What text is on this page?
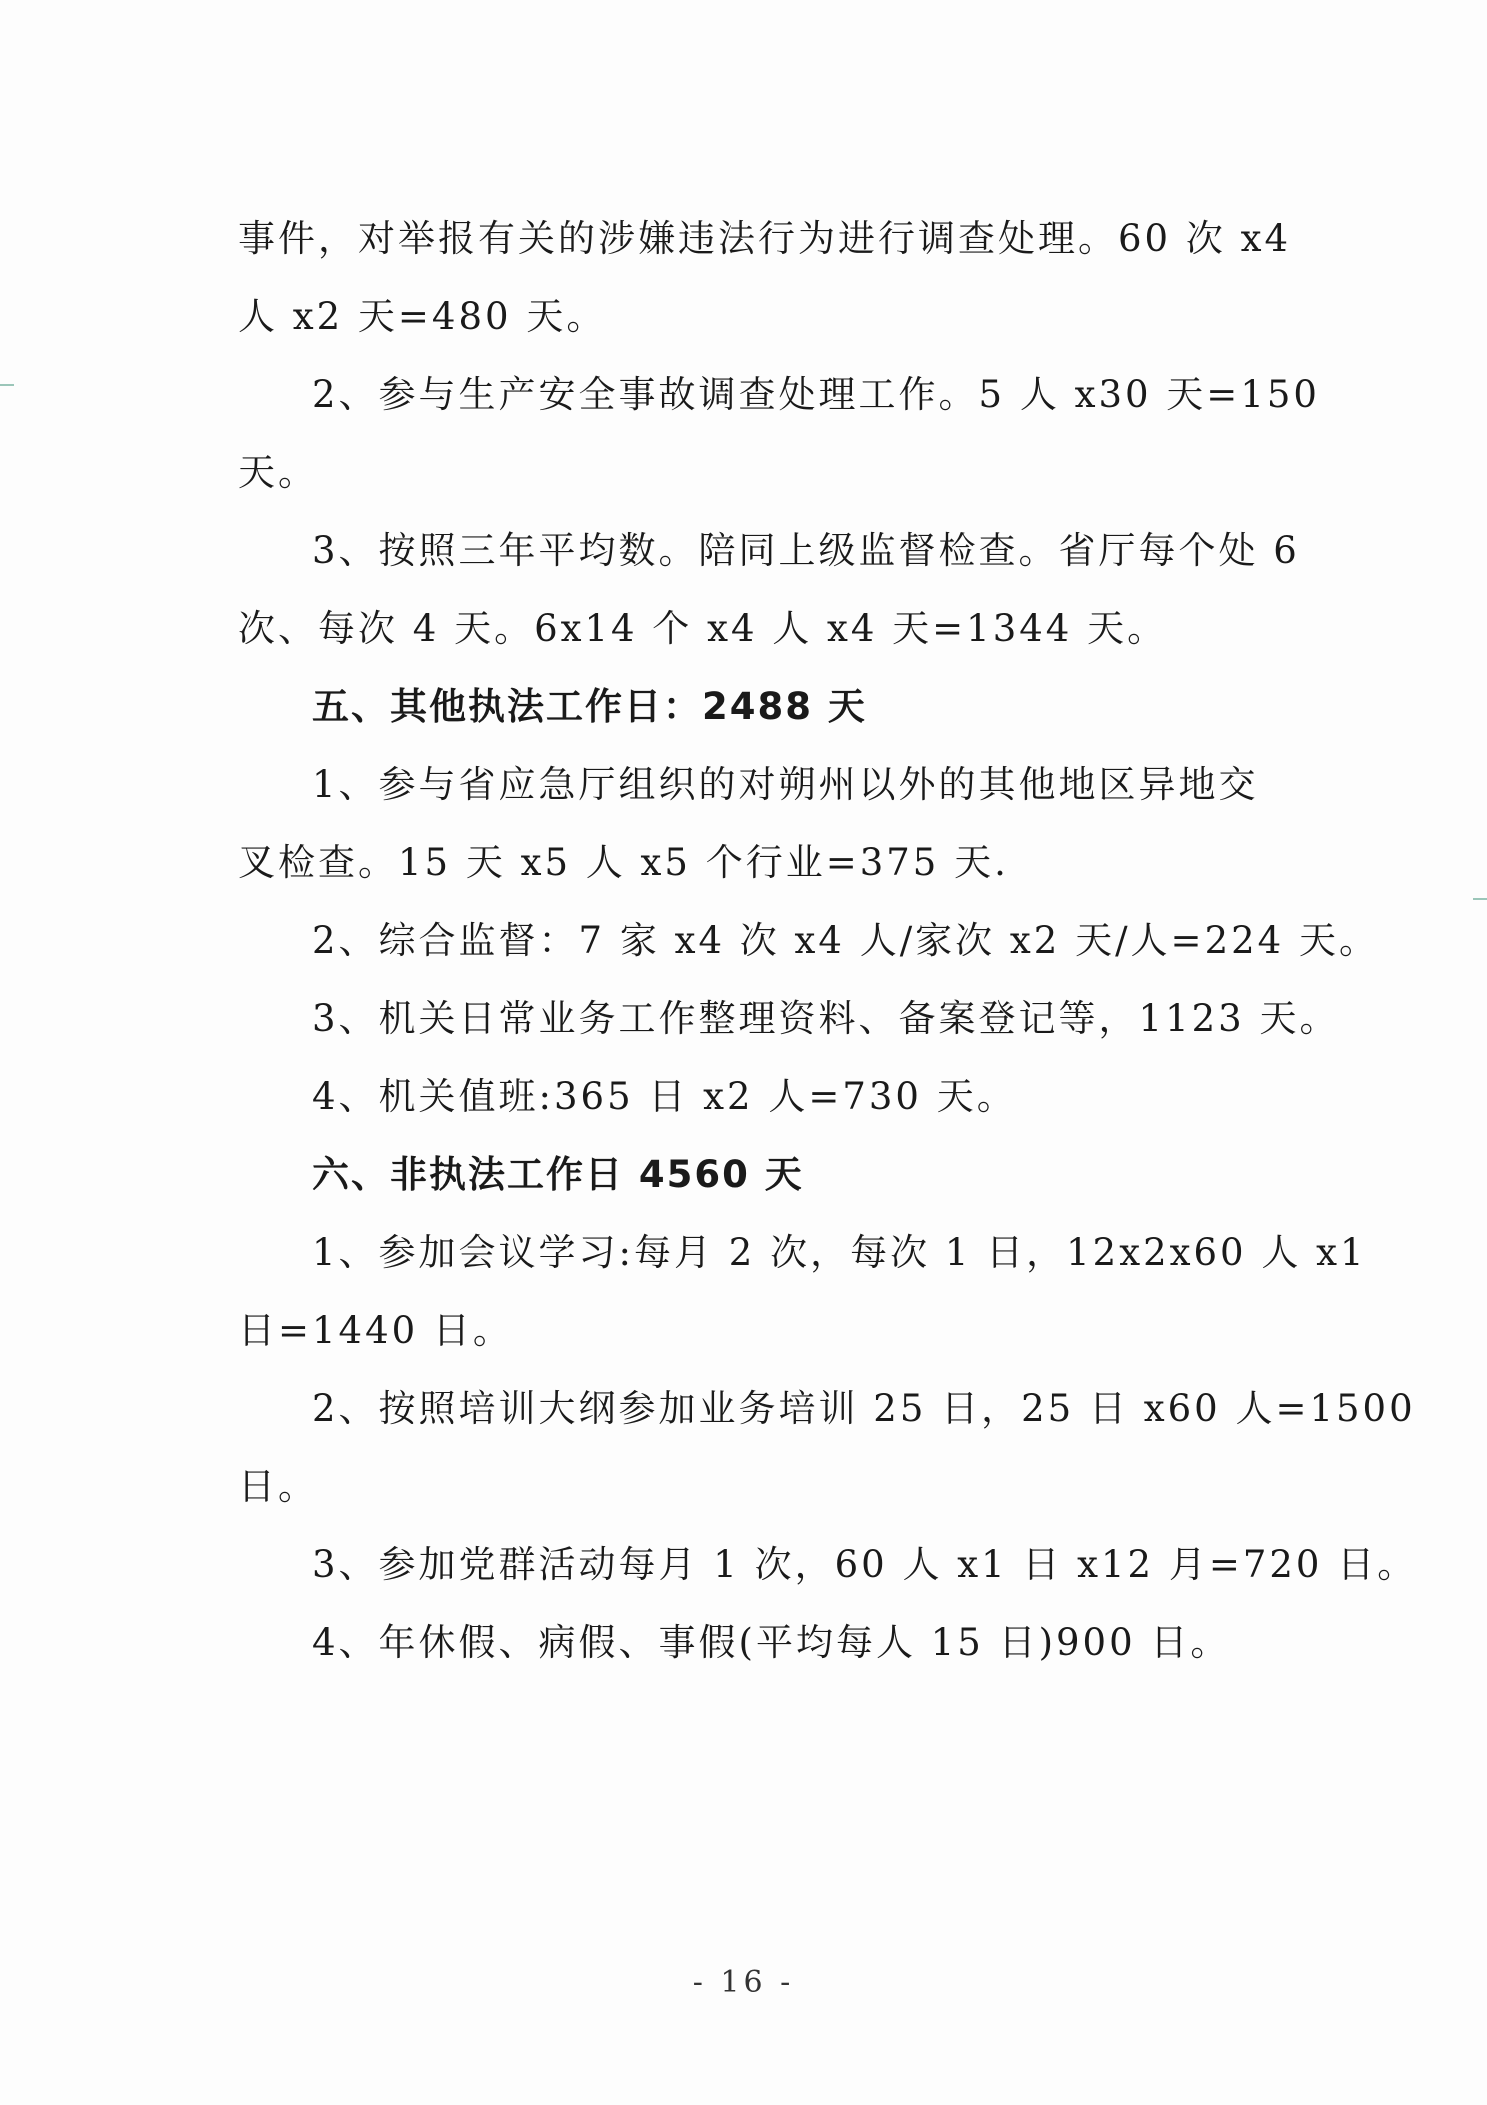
事件，对举报有关的涉嫌违法行为进行调查处理。60 次 x4
人 x2 天=480 天。
2、参与生产安全事故调查处理工作。5 人 x30 天=150
天。
3、按照三年平均数。陪同上级监督检查。省厅每个处 6
次、每次 4 天。6x14 个 x4 人 x4 天=1344 天。
五、其他执法工作日：2488 天
1、参与省应急厅组织的对朔州以外的其他地区异地交
叉检查。15 天 x5 人 x5 个行业=375 天.
2、综合监督：7 家 x4 次 x4 人/家次 x2 天/人=224 天。
3、机关日常业务工作整理资料、备案登记等，1123 天。
4、机关值班:365 日 x2 人=730 天。
六、非执法工作日 4560 天
1、参加会议学习:每月 2 次，每次 1 日，12x2x60 人 x1
日=1440 日。
2、按照培训大纲参加业务培训 25 日，25 日 x60 人=1500
日。
3、参加党群活动每月 1 次，60 人 x1 日 x12 月=720 日。
4、年休假、病假、事假(平均每人 15 日)900 日。
- 16 -
